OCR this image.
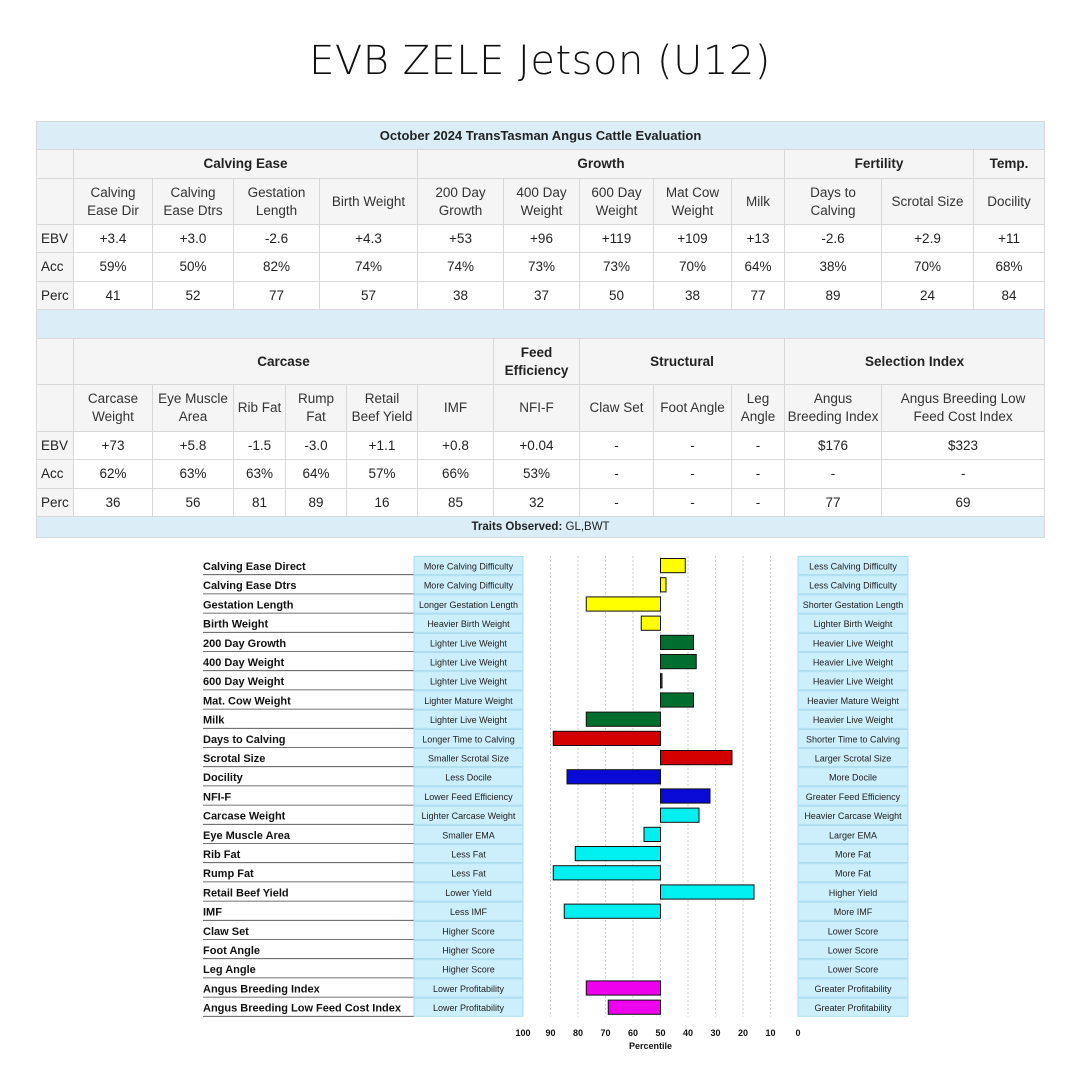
EVB ZELE Jetson (U12)
October 2024 TransTasman Angus Cattle Evaluation												
	Calving Ease				Growth					Fertility		Temp.
	Calving Ease Dir	Calving Ease Dtrs	Gestation Length	Birth Weight	200 Day Growth	400 Day Weight	600 Day Weight	Mat Cow Weight	Milk	Days to Calving	Scrotal Size	Docility
EBV	+3.4	+3.0	-2.6	+4.3	+53	+96	+119	+109	+13	-2.6	+2.9	+11
Acc	59%	50%	82%	74%	74%	73%	73%	70%	64%	38%	70%	68%
Perc	41	52	77	57	38	37	50	38	77	89	24	84

	Carcase						Feed Efficiency	Structural			Selection Index	
	Carcase Weight	Eye Muscle Area	Rib Fat	Rump Fat	Retail Beef Yield	IMF	NFI-F	Claw Set	Foot Angle	Leg Angle	Angus Breeding Index	Angus Breeding Low Feed Cost Index
EBV	+73	+5.8	-1.5	-3.0	+1.1	+0.8	+0.04	-	-	-	$176	$323
Acc	62%	63%	63%	64%	57%	66%	53%	-	-	-	-	-
Perc	36	56	81	89	16	85	32	-	-	-	77	69
Traits Observed: GL,BWT												
Calving Ease Direct	More Calving Difficulty	Less Calving Difficulty
Calving Ease Dtrs	More Calving Difficulty	Less Calving Difficulty
Gestation Length	Longer Gestation Length	Shorter Gestation Length
Birth Weight	Heavier Birth Weight	Lighter Birth Weight
200 Day Growth	Lighter Live Weight	Heavier Live Weight
400 Day Weight	Lighter Live Weight	Heavier Live Weight
600 Day Weight	Lighter Live Weight	Heavier Live Weight
Mat. Cow Weight	Lighter Mature Weight	Heavier Mature Weight
Milk	Lighter Live Weight	Heavier Live Weight
Days to Calving	Longer Time to Calving	Shorter Time to Calving
Scrotal Size	Smaller Scrotal Size	Larger Scrotal Size
Docility	Less Docile	More Docile
NFI-F	Lower Feed Efficiency	Greater Feed Efficiency
Carcase Weight	Lighter Carcase Weight	Heavier Carcase Weight
Eye Muscle Area	Smaller EMA	Larger EMA
Rib Fat	Less Fat	More Fat
Rump Fat	Less Fat	More Fat
Retail Beef Yield	Lower Yield	Higher Yield
IMF	Less IMF	More IMF
Claw Set	Higher Score	Lower Score
Foot Angle	Higher Score	Lower Score
Leg Angle	Higher Score	Lower Score
Angus Breeding Index	Lower Profitability	Greater Profitability
Angus Breeding Low Feed Cost Index	Lower Profitability	Greater Profitability
100 90 80 70 60 50 40 30 20 10 0
Percentile
